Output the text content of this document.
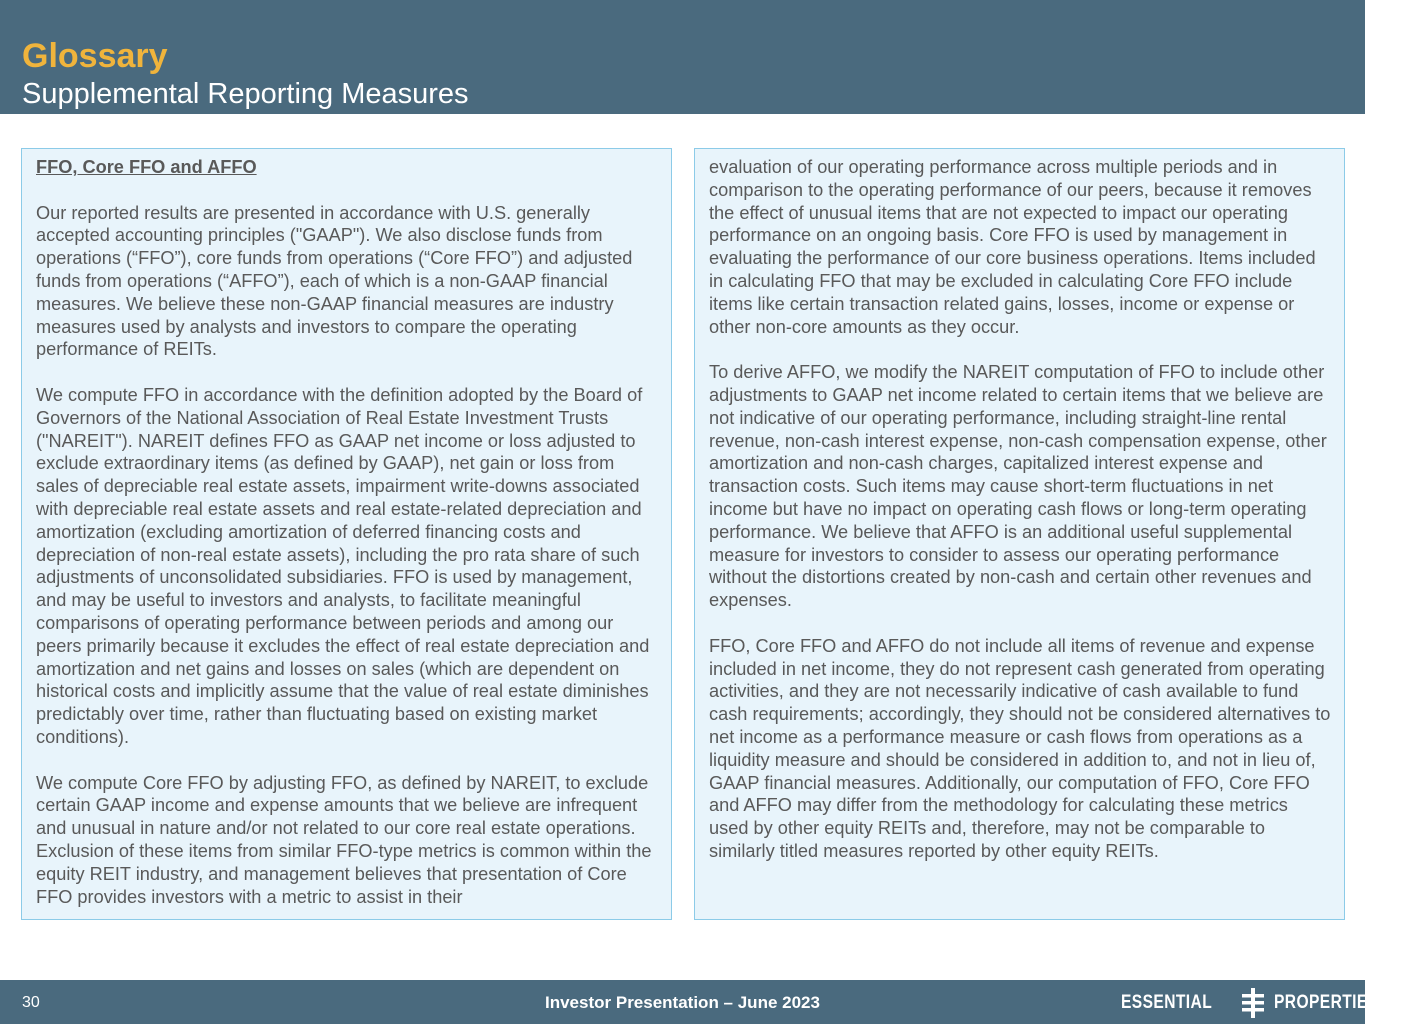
Glossary
Supplemental Reporting Measures

FFO, Core FFO and AFFO

Our reported results are presented in accordance with U.S. generally accepted accounting principles ("GAAP"). We also disclose funds from operations (“FFO”), core funds from operations (“Core FFO”) and adjusted funds from operations (“AFFO”), each of which is a non-GAAP financial measures. We believe these non-GAAP financial measures are industry measures used by analysts and investors to compare the operating performance of REITs.

We compute FFO in accordance with the definition adopted by the Board of Governors of the National Association of Real Estate Investment Trusts ("NAREIT"). NAREIT defines FFO as GAAP net income or loss adjusted to exclude extraordinary items (as defined by GAAP), net gain or loss from sales of depreciable real estate assets, impairment write-downs associated with depreciable real estate assets and real estate-related depreciation and amortization (excluding amortization of deferred financing costs and depreciation of non-real estate assets), including the pro rata share of such adjustments of unconsolidated subsidiaries. FFO is used by management, and may be useful to investors and analysts, to facilitate meaningful comparisons of operating performance between periods and among our peers primarily because it excludes the effect of real estate depreciation and amortization and net gains and losses on sales (which are dependent on historical costs and implicitly assume that the value of real estate diminishes predictably over time, rather than fluctuating based on existing market conditions).

We compute Core FFO by adjusting FFO, as defined by NAREIT, to exclude certain GAAP income and expense amounts that we believe are infrequent and unusual in nature and/or not related to our core real estate operations. Exclusion of these items from similar FFO-type metrics is common within the equity REIT industry, and management believes that presentation of Core FFO provides investors with a metric to assist in their

evaluation of our operating performance across multiple periods and in comparison to the operating performance of our peers, because it removes the effect of unusual items that are not expected to impact our operating performance on an ongoing basis. Core FFO is used by management in evaluating the performance of our core business operations. Items included in calculating FFO that may be excluded in calculating Core FFO include items like certain transaction related gains, losses, income or expense or other non-core amounts as they occur.

To derive AFFO, we modify the NAREIT computation of FFO to include other adjustments to GAAP net income related to certain items that we believe are not indicative of our operating performance, including straight-line rental revenue, non-cash interest expense, non-cash compensation expense, other amortization and non-cash charges, capitalized interest expense and transaction costs. Such items may cause short-term fluctuations in net income but have no impact on operating cash flows or long-term operating performance. We believe that AFFO is an additional useful supplemental measure for investors to consider to assess our operating performance without the distortions created by non-cash and certain other revenues and expenses.

FFO, Core FFO and AFFO do not include all items of revenue and expense included in net income, they do not represent cash generated from operating activities, and they are not necessarily indicative of cash available to fund cash requirements; accordingly, they should not be considered alternatives to net income as a performance measure or cash flows from operations as a liquidity measure and should be considered in addition to, and not in lieu of, GAAP financial measures. Additionally, our computation of FFO, Core FFO and AFFO may differ from the methodology for calculating these metrics used by other equity REITs and, therefore, may not be comparable to similarly titled measures reported by other equity REITs.

30	Investor Presentation – June 2023	ESSENTIAL	PROPERTIES
